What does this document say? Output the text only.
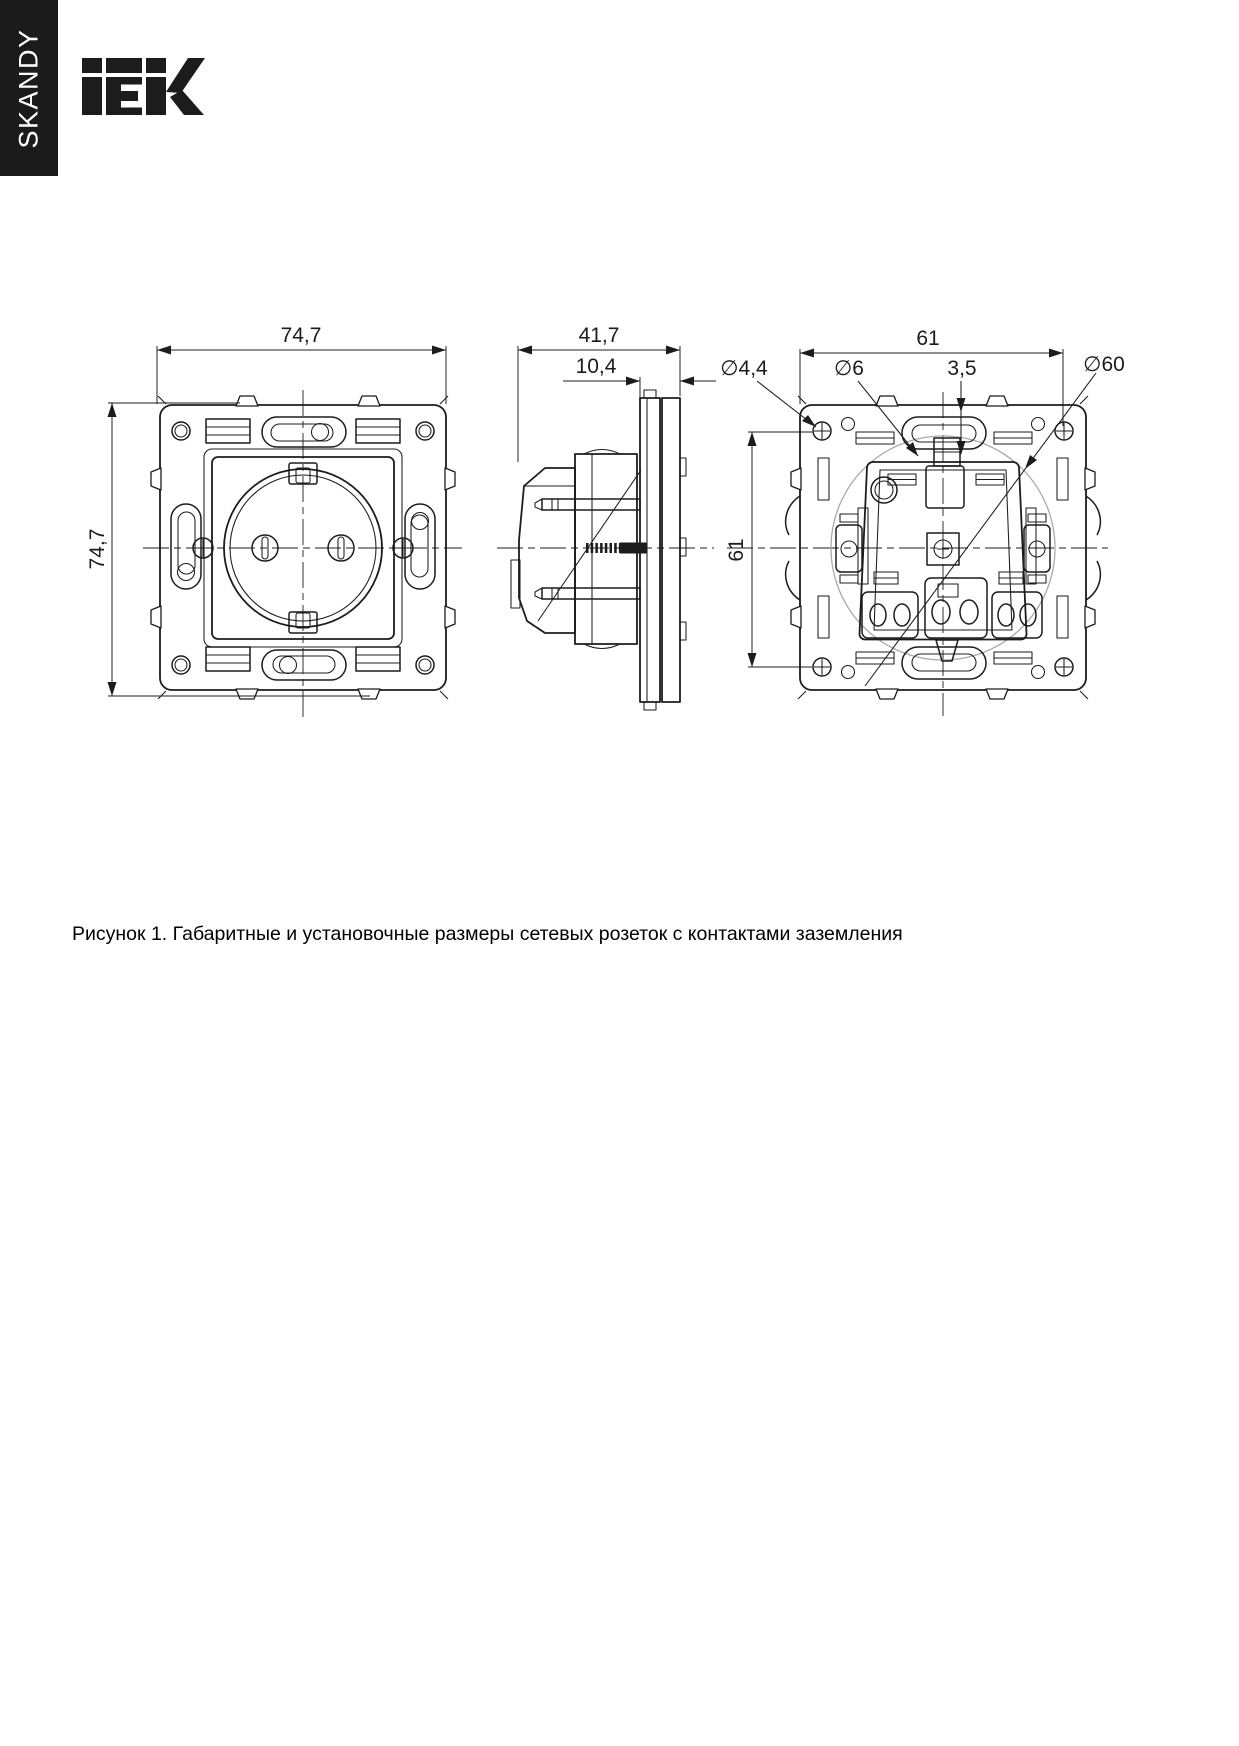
SKANDY
74,7
74,7
41,7
10,4
61
61
∅4,4	∅6	3,5	∅60
Рисунок 1. Габаритные и установочные размеры сетевых розеток с контактами заземления
